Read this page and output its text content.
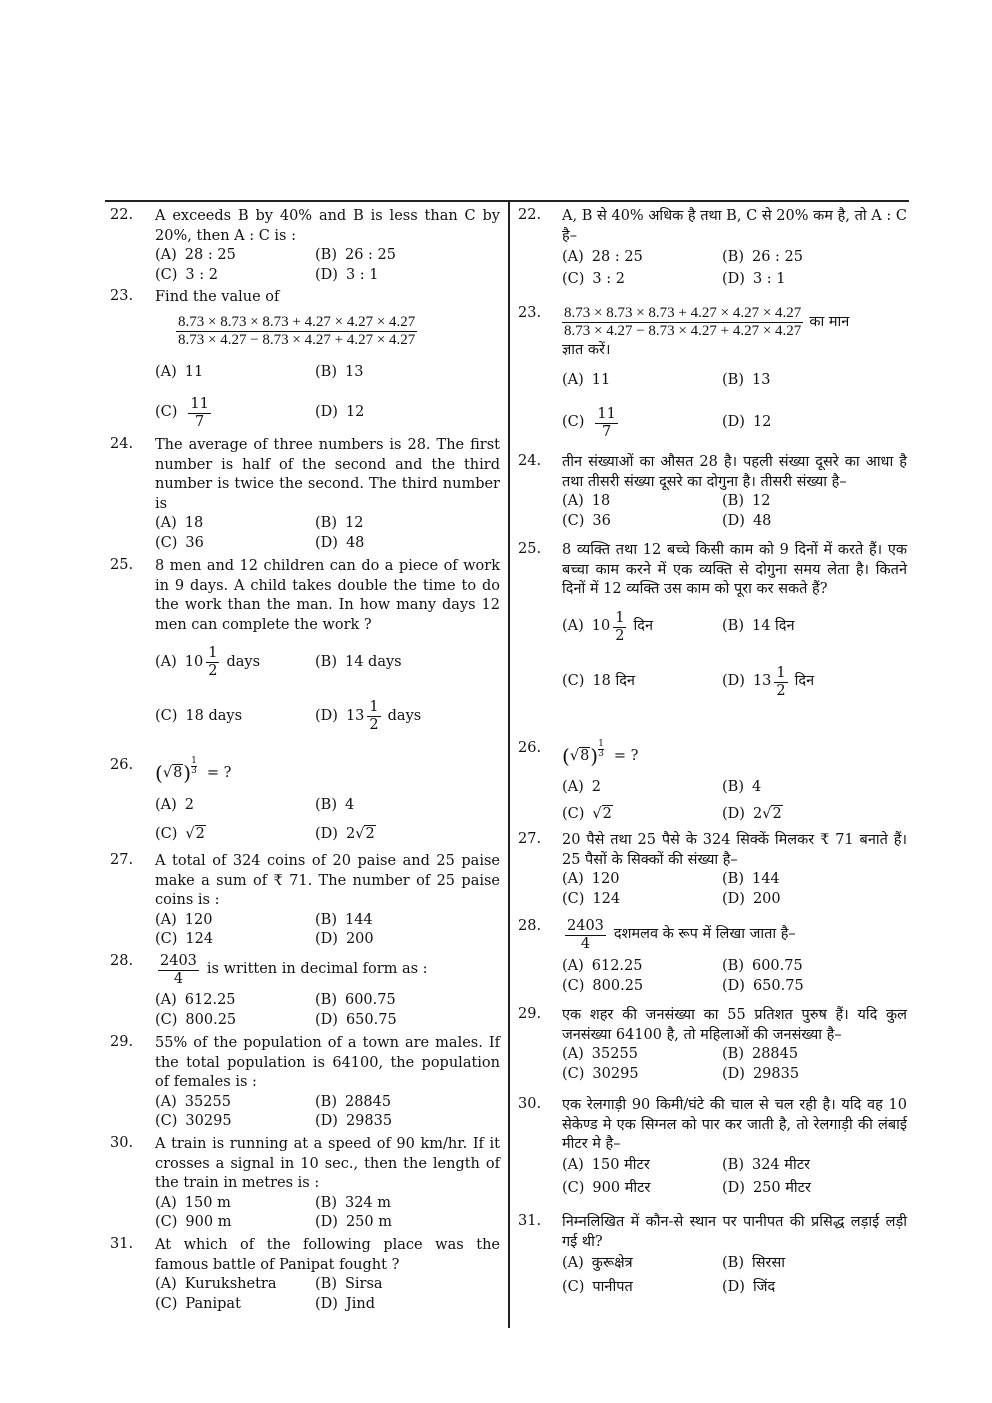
22. A exceeds B by 40% and B is less than C by 20%, then A : C is :
(A) 28 : 25	(B) 26 : 25
(C) 3 : 2	(D) 3 : 1
23. Find the value of
$\frac{8.73 \times 8.73 \times 8.73 + 4.27 \times 4.27 \times 4.27}{8.73 \times 4.27 - 8.73 \times 4.27 + 4.27 \times 4.27}$
(A) 11	(B) 13
$(C) \frac{11}{7}$	(D) 12
24. The average of three numbers is 28. The first number is half of the second and the third number is twice the second. The third number is
(A) 18	(B) 12
(C) 36	(D) 48
25. 8 men and 12 children can do a piece of work in 9 days. A child takes double the time to do the work than the man. In how many days 12 men can complete the work ?
(A) $10 \frac{1}{2}$ days	(B) 14 days
(C) 18 days	(D) $13 \frac{1}{2}$ days
26. ( √8 ) $\frac{1}{3}$ = ?
(A) 2	(B) 4
(C) √2	(D) 2 √2
27. A total of 324 coins of 20 paise and 25 paise make a sum of ₹ 71. The number of 25 paise coins is :
(A) 120	(B) 144
(C) 124	(D) 200
28. $\frac{2403}{4}$ is written in decimal form as :
(A) 612.25	(B) 600.75
(C) 800.25	(D) 650.75
29. 55% of the population of a town are males. If the total population is 64100, the population of females is :
(A) 35255	(B) 28845
(C) 30295	(D) 29835
30. A train is running at a speed of 90 km/hr. If it crosses a signal in 10 sec., then the length of the train in metres is :
(A) 150 m	(B) 324 m
(C) 900 m	(D) 250 m
31. At which of the following place was the famous battle of Panipat fought ?
(A) Kurukshetra	(B) Sirsa
(C) Panipat	(D) Jind
22. A, B से 40% अधिक है तथा B, C से 20% कम है, तो A : C है–
(A) 28 : 25	(B) 26 : 25
(C) 3 : 2	(D) 3 : 1
23. $\frac{8.73 \times 8.73 \times 8.73 + 4.27 \times 4.27 \times 4.27}{8.73 \times 4.27 - 8.73 \times 4.27 + 4.27 \times 4.27}$ का मान
ज्ञात करें।
(A) 11	(B) 13
$(C) \frac{11}{7}$	(D) 12
24. तीन संख्याओं का औसत 28 है। पहली संख्या दूसरे का आधा है तथा तीसरी संख्या दूसरे का दोगुना है। तीसरी संख्या है–
(A) 18	(B) 12
(C) 36	(D) 48
25. 8 व्यक्ति तथा 12 बच्चे किसी काम को 9 दिनों में करते हैं। एक बच्चा काम करने में एक व्यक्ति से दोगुना समय लेता है। कितने दिनों में 12 व्यक्ति उस काम को पूरा कर सकते हैं?
(A) $10 \frac{1}{2}$ दिन	(B) 14 दिन
(C) 18 दिन	(D) $13 \frac{1}{2}$ दिन
26. ( √8 ) $\frac{1}{3}$ = ?
(A) 2	(B) 4
(C) √2	(D) 2 √2
27. 20 पैसे तथा 25 पैसे के 324 सिक्कें मिलकर ₹ 71 बनाते हैं। 25 पैसों के सिक्कों की संख्या है–
(A) 120	(B) 144
(C) 124	(D) 200
28. $\frac{2403}{4}$ दशमलव के रूप में लिखा जाता है–
(A) 612.25	(B) 600.75
(C) 800.25	(D) 650.75
29. एक शहर की जनसंख्या का 55 प्रतिशत पुरुष हैं। यदि कुल जनसंख्या 64100 है, तो महिलाओं की जनसंख्या है–
(A) 35255	(B) 28845
(C) 30295	(D) 29835
30. एक रेलगाड़ी 90 किमी/घंटे की चाल से चल रही है। यदि वह 10 सेकेण्ड मे एक सिग्नल को पार कर जाती है, तो रेलगाड़ी की लंबाई मीटर मे है–
(A) 150 मीटर	(B) 324 मीटर
(C) 900 मीटर	(D) 250 मीटर
31. निम्नलिखित में कौन-से स्थान पर पानीपत की प्रसिद्ध लड़ाई लड़ी गई थी?
(A) कुरूक्षेत्र	(B) सिरसा
(C) पानीपत	(D) जिंद
